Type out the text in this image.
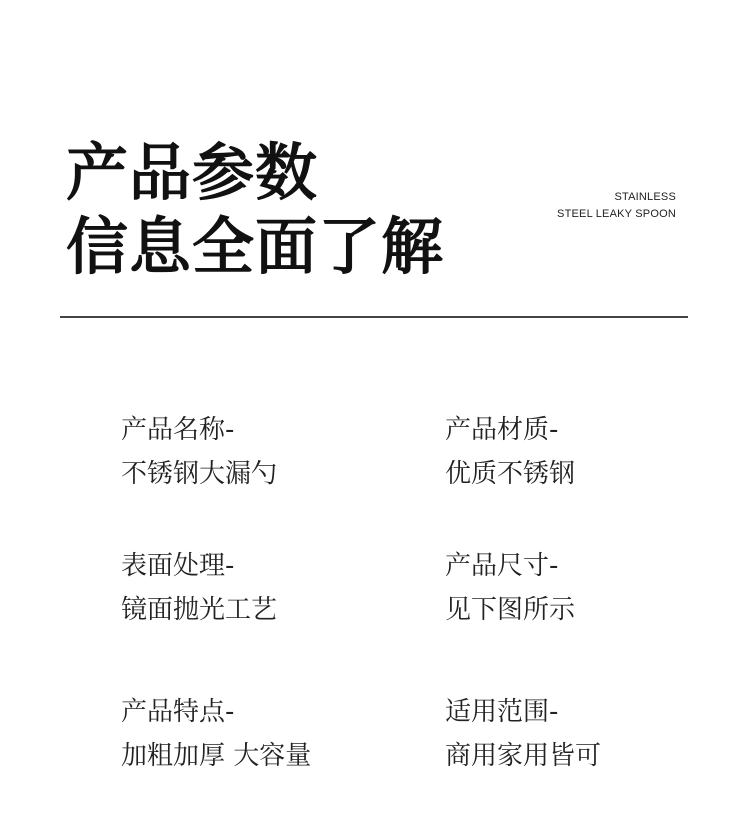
产品参数
信息全面了解
STAINLESS
STEEL LEAKY SPOON
产品名称-
不锈钢大漏勺
产品材质-
优质不锈钢
表面处理-
镜面抛光工艺
产品尺寸-
见下图所示
产品特点-
加粗加厚 大容量
适用范围-
商用家用皆可
